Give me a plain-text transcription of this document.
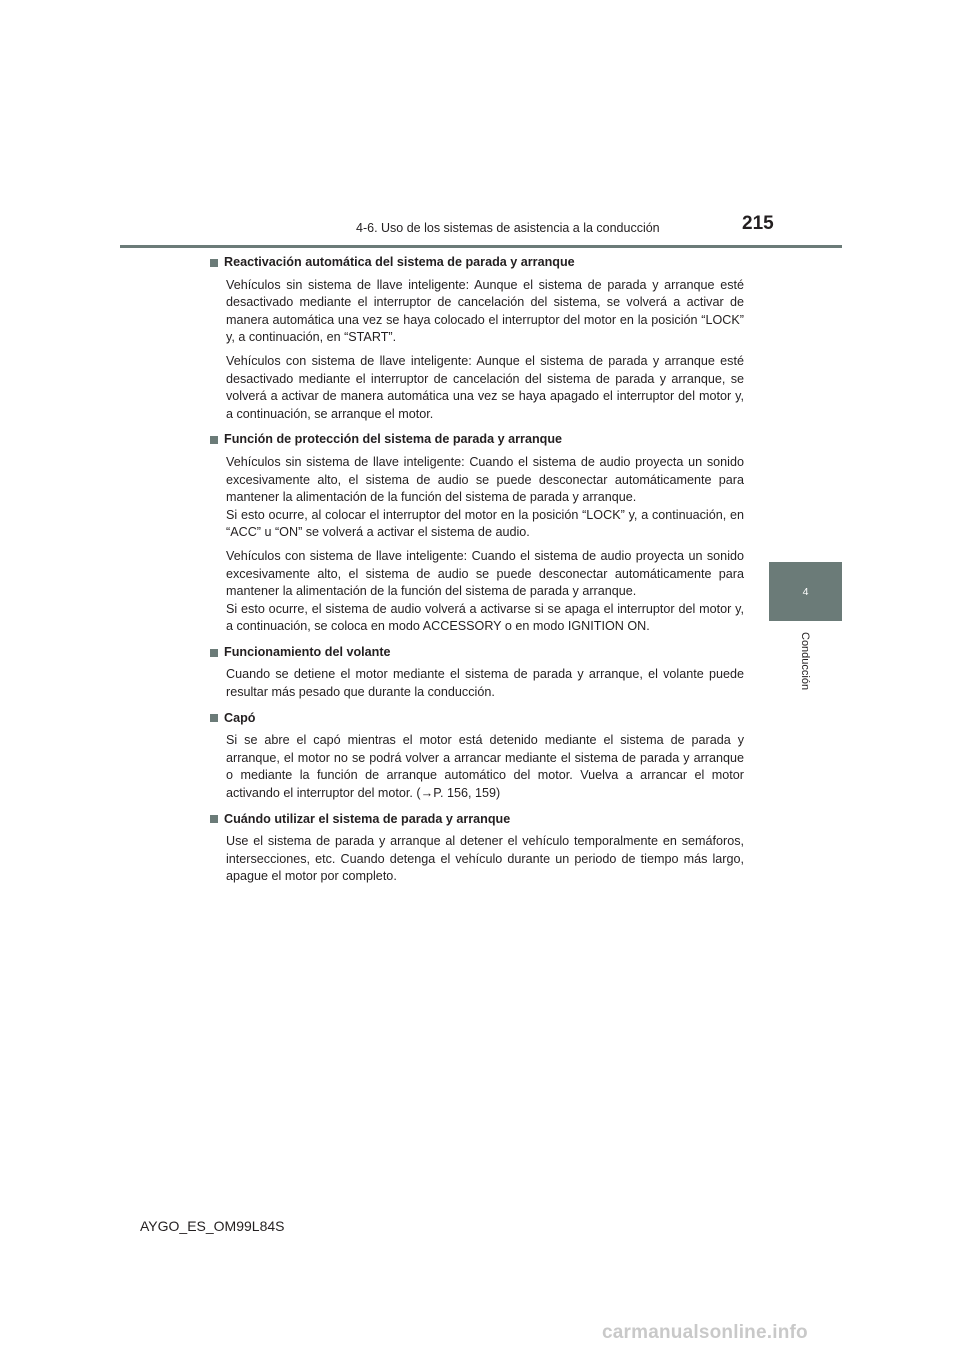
4-6. Uso de los sistemas de asistencia a la conducción	215
4
Conducción
Reactivación automática del sistema de parada y arranque

Vehículos sin sistema de llave inteligente: Aunque el sistema de parada y arranque esté desactivado mediante el interruptor de cancelación del sistema, se volverá a activar de manera automática una vez se haya colocado el interruptor del motor en la posición “LOCK” y, a continuación, en “START”.

Vehículos con sistema de llave inteligente: Aunque el sistema de parada y arranque esté desactivado mediante el interruptor de cancelación del sistema de parada y arranque, se volverá a activar de manera automática una vez se haya apagado el interruptor del motor y, a continuación, se arranque el motor.

Función de protección del sistema de parada y arranque

Vehículos sin sistema de llave inteligente: Cuando el sistema de audio proyecta un sonido excesivamente alto, el sistema de audio se puede desconectar automáticamente para mantener la alimentación de la función del sistema de parada y arranque.
Si esto ocurre, al colocar el interruptor del motor en la posición “LOCK” y, a continuación, en “ACC” u “ON” se volverá a activar el sistema de audio.

Vehículos con sistema de llave inteligente: Cuando el sistema de audio proyecta un sonido excesivamente alto, el sistema de audio se puede desconectar automáticamente para mantener la alimentación de la función del sistema de parada y arranque.
Si esto ocurre, el sistema de audio volverá a activarse si se apaga el interruptor del motor y, a continuación, se coloca en modo ACCESSORY o en modo IGNITION ON.

Funcionamiento del volante

Cuando se detiene el motor mediante el sistema de parada y arranque, el volante puede resultar más pesado que durante la conducción.

Capó

Si se abre el capó mientras el motor está detenido mediante el sistema de parada y arranque, el motor no se podrá volver a arrancar mediante el sistema de parada y arranque o mediante la función de arranque automático del motor. Vuelva a arrancar el motor activando el interruptor del motor. (→P. 156, 159)

Cuándo utilizar el sistema de parada y arranque

Use el sistema de parada y arranque al detener el vehículo temporalmente en semáforos, intersecciones, etc. Cuando detenga el vehículo durante un periodo de tiempo más largo, apague el motor por completo.

AYGO_ES_OM99L84S
carmanualsonline.info
